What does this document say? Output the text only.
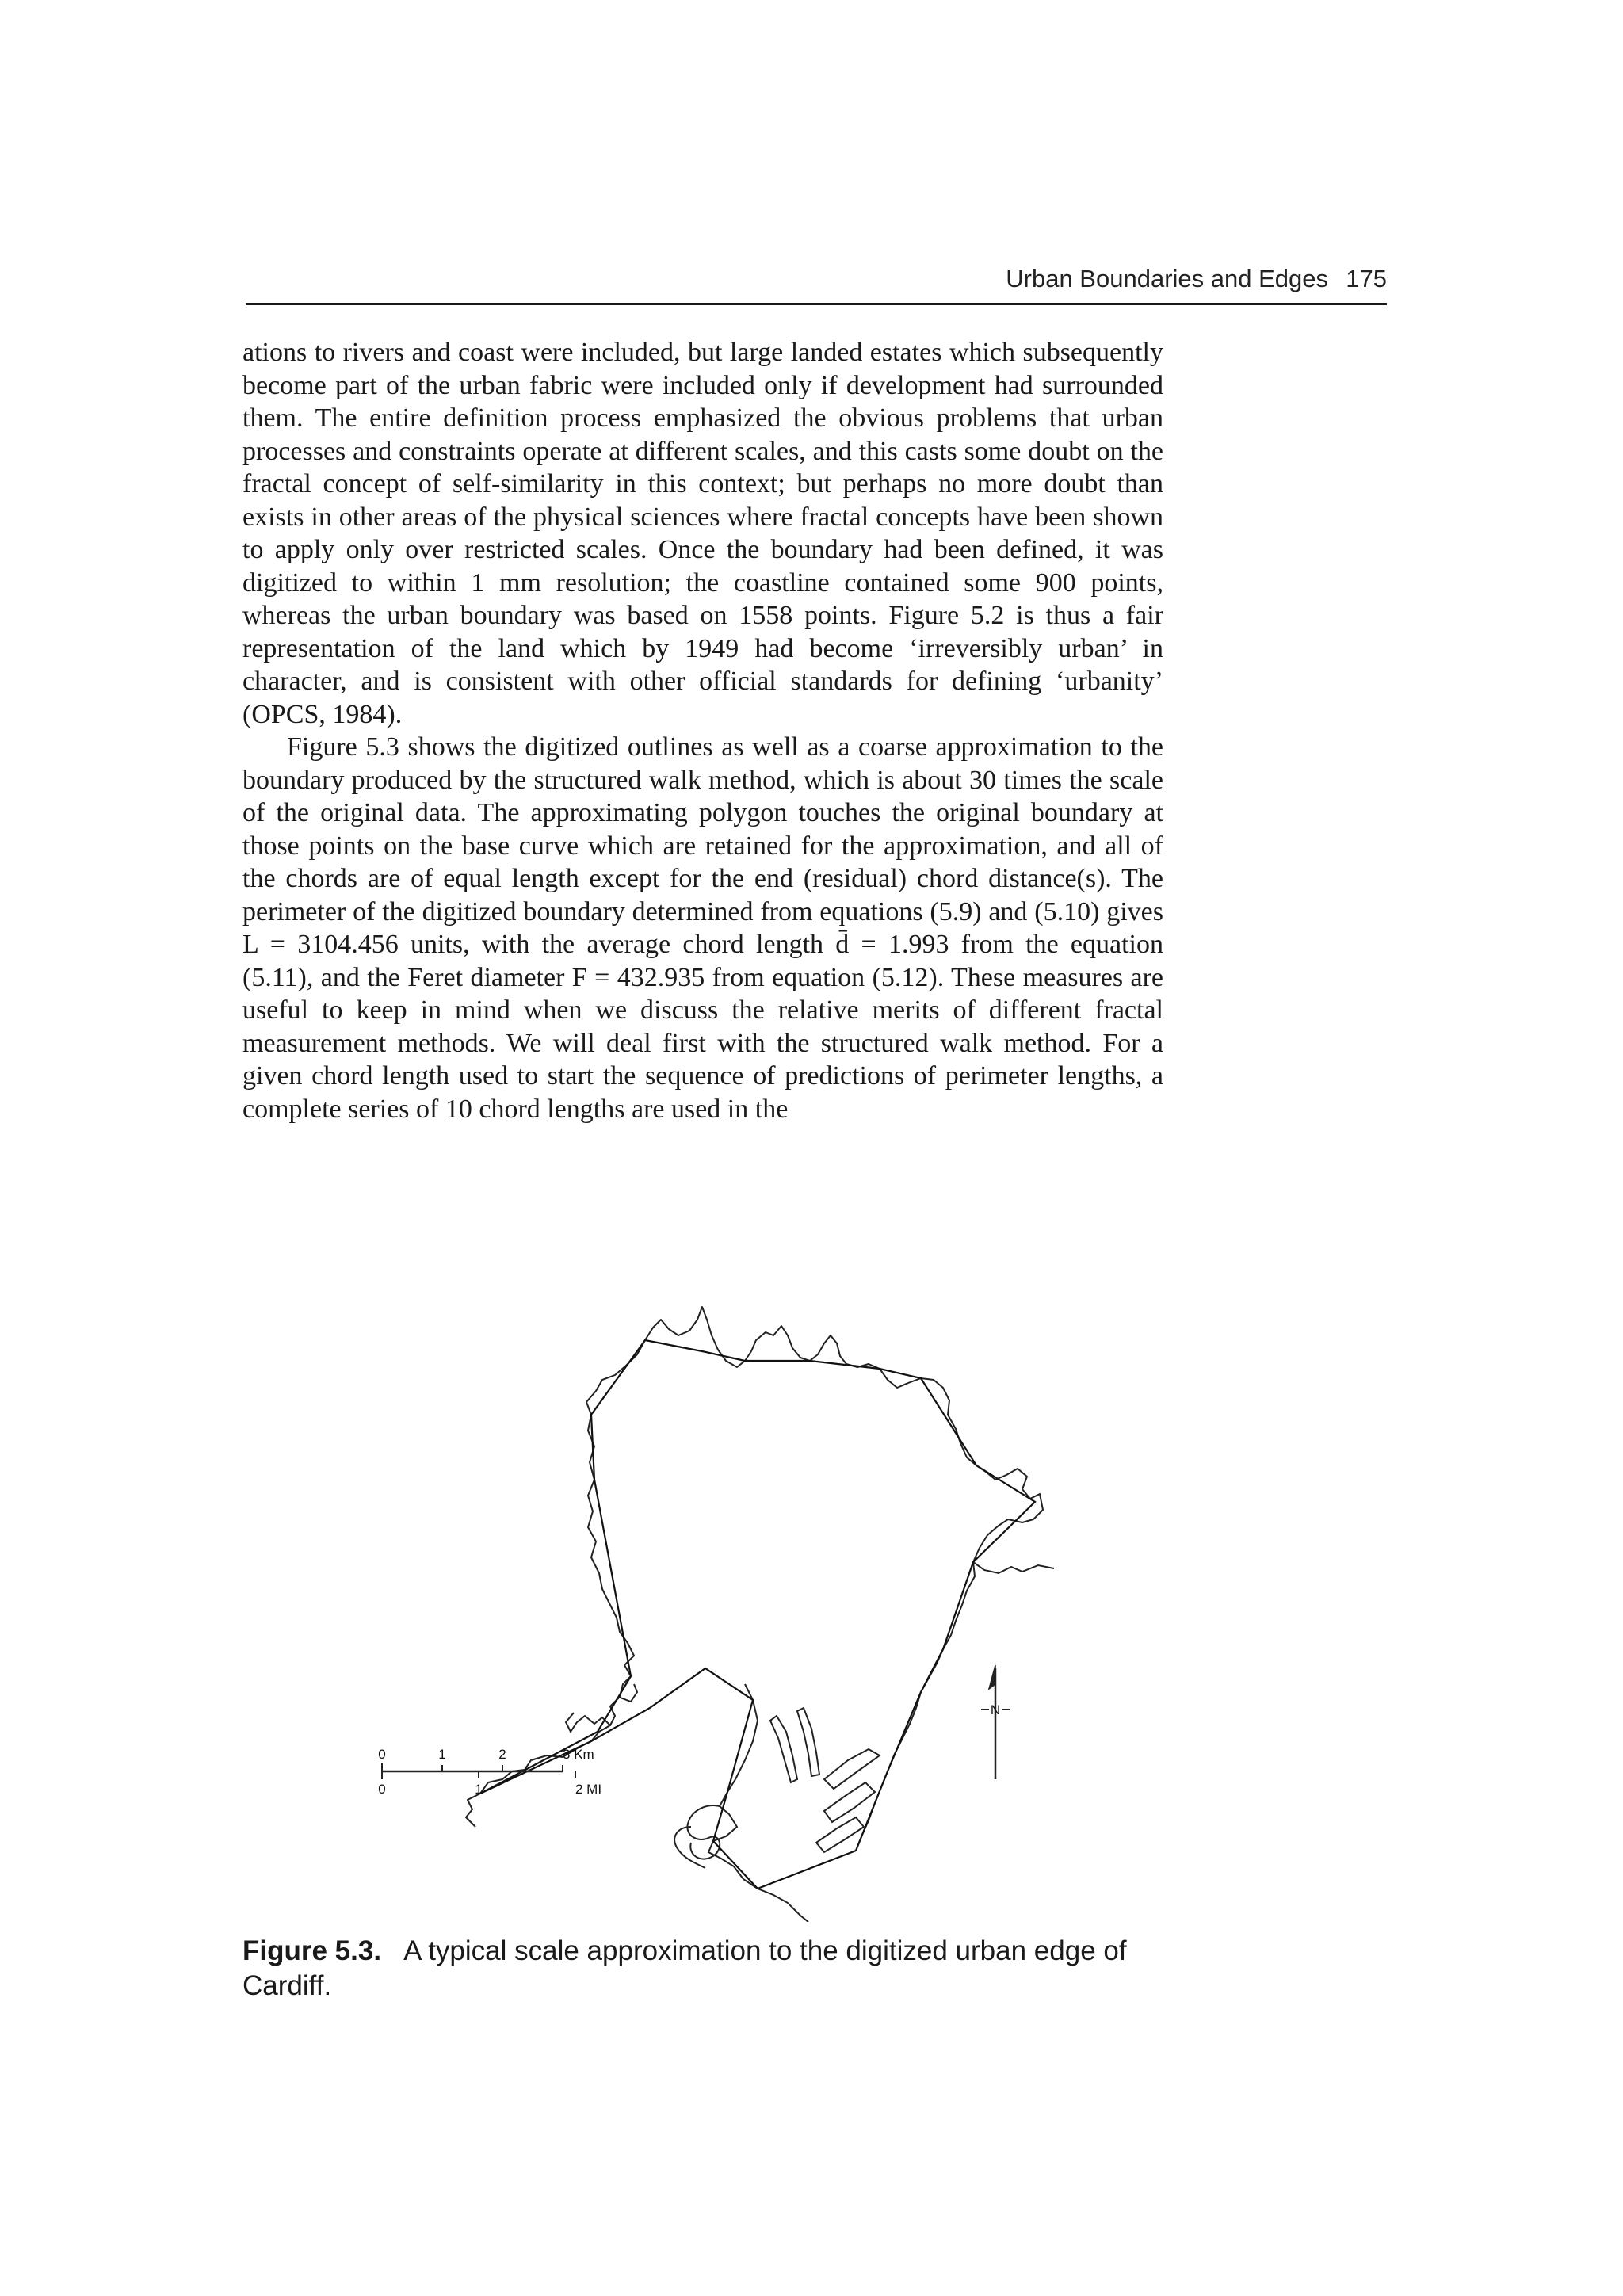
Urban Boundaries and Edges 175

ations to rivers and coast were included, but large landed estates which subsequently become part of the urban fabric were included only if development had surrounded them. The entire definition process emphasized the obvious problems that urban processes and constraints operate at different scales, and this casts some doubt on the fractal concept of self-similarity in this context; but perhaps no more doubt than exists in other areas of the physical sciences where fractal concepts have been shown to apply only over restricted scales. Once the boundary had been defined, it was digitized to within 1 mm resolution; the coastline contained some 900 points, whereas the urban boundary was based on 1558 points. Figure 5.2 is thus a fair representation of the land which by 1949 had become ‘irreversibly urban’ in character, and is consistent with other official standards for defining ‘urbanity’ (OPCS, 1984).

Figure 5.3 shows the digitized outlines as well as a coarse approximation to the boundary produced by the structured walk method, which is about 30 times the scale of the original data. The approximating polygon touches the original boundary at those points on the base curve which are retained for the approximation, and all of the chords are of equal length except for the end (residual) chord distance(s). The perimeter of the digitized boundary determined from equations (5.9) and (5.10) gives L = 3104.456 units, with the average chord length d̄ = 1.993 from the equation (5.11), and the Feret diameter F = 432.935 from equation (5.12). These measures are useful to keep in mind when we discuss the relative merits of different fractal measurement methods. We will deal first with the structured walk method. For a given chord length used to start the sequence of predictions of perimeter lengths, a complete series of 10 chord lengths are used in the

N
0	1	2	3 Km
0	1	2 MI
Figure 5.3. A typical scale approximation to the digitized urban edge of Cardiff.
